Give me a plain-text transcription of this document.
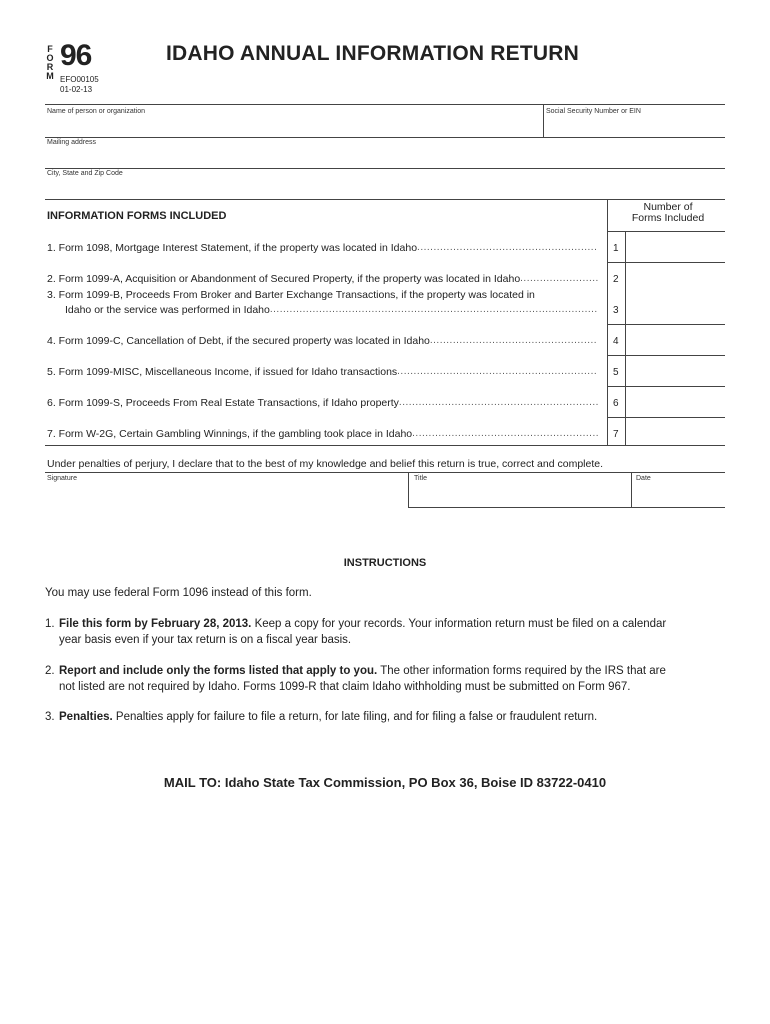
F
O
R
M
96
EFO00105
01-02-13
IDAHO ANNUAL INFORMATION RETURN
Name of person or organization	Social Security Number or EIN
Mailing address
City, State and Zip Code
INFORMATION FORMS INCLUDED
Number of
Forms Included
1. Form 1098, Mortgage Interest Statement, if the property was located in Idaho .....	1
2. Form 1099-A, Acquisition or Abandonment of Secured Property, if the property was located in Idaho .....	2
3. Form 1099-B, Proceeds From Broker and Barter Exchange Transactions, if the property was located in
Idaho or the service was performed in Idaho .....	3
4. Form 1099-C, Cancellation of Debt, if the secured property was located in Idaho .....	4
5. Form 1099-MISC, Miscellaneous Income, if issued for Idaho transactions .....	5
6. Form 1099-S, Proceeds From Real Estate Transactions, if Idaho property .....	6
7. Form W-2G, Certain Gambling Winnings, if the gambling took place in Idaho .....	7
Under penalties of perjury, I declare that to the best of my knowledge and belief this return is true, correct and complete.
Signature	Title	Date
INSTRUCTIONS
You may use federal Form 1096 instead of this form.
1. File this form by February 28, 2013. Keep a copy for your records. Your information return must be filed on a calendar
year basis even if your tax return is on a fiscal year basis.
2. Report and include only the forms listed that apply to you. The other information forms required by the IRS that are
not listed are not required by Idaho. Forms 1099-R that claim Idaho withholding must be submitted on Form 967.
3. Penalties. Penalties apply for failure to file a return, for late filing, and for filing a false or fraudulent return.
MAIL TO: Idaho State Tax Commission, PO Box 36, Boise ID 83722-0410
